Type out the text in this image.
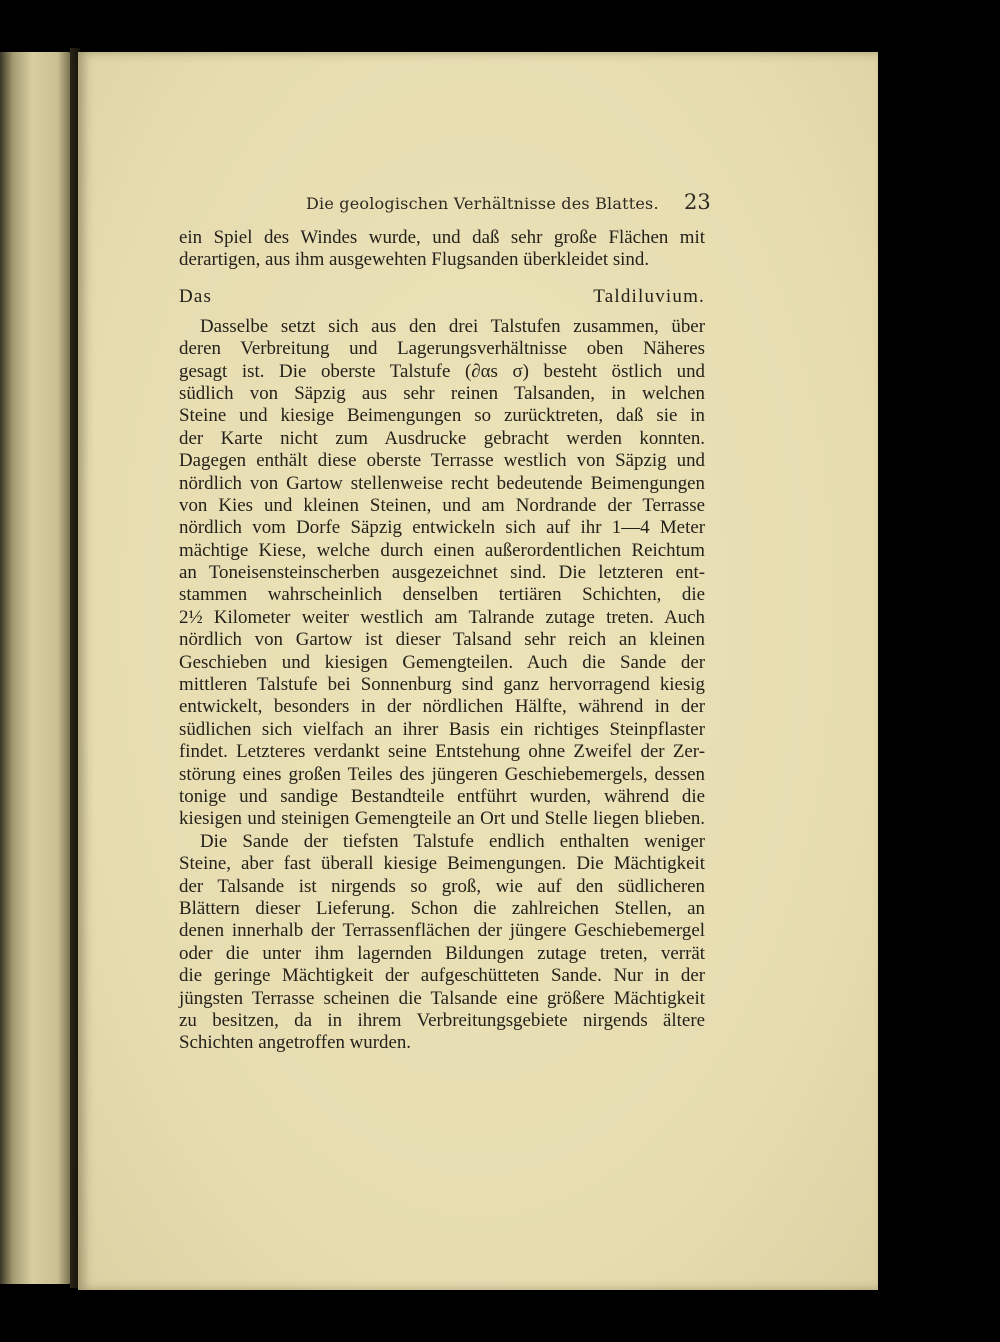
Die geologischen Verhältnisse des Blattes. 23
ein Spiel des Windes wurde, und daß sehr große Flächen mit
derartigen, aus ihm ausgewehten Flugsanden überkleidet sind.
Das Taldiluvium.
Dasselbe setzt sich aus den drei Talstufen zusammen, über
deren Verbreitung und Lagerungsverhältnisse oben Näheres
gesagt ist. Die oberste Talstufe (∂αs σ) besteht östlich und
südlich von Säpzig aus sehr reinen Talsanden, in welchen
Steine und kiesige Beimengungen so zurücktreten, daß sie in
der Karte nicht zum Ausdrucke gebracht werden konnten.
Dagegen enthält diese oberste Terrasse westlich von Säpzig und
nördlich von Gartow stellenweise recht bedeutende Beimengungen
von Kies und kleinen Steinen, und am Nordrande der Terrasse
nördlich vom Dorfe Säpzig entwickeln sich auf ihr 1—4 Meter
mächtige Kiese, welche durch einen außerordentlichen Reichtum
an Toneisensteinscherben ausgezeichnet sind. Die letzteren ent-
stammen wahrscheinlich denselben tertiären Schichten, die
2½ Kilometer weiter westlich am Talrande zutage treten. Auch
nördlich von Gartow ist dieser Talsand sehr reich an kleinen
Geschieben und kiesigen Gemengteilen. Auch die Sande der
mittleren Talstufe bei Sonnenburg sind ganz hervorragend kiesig
entwickelt, besonders in der nördlichen Hälfte, während in der
südlichen sich vielfach an ihrer Basis ein richtiges Steinpflaster
findet. Letzteres verdankt seine Entstehung ohne Zweifel der Zer-
störung eines großen Teiles des jüngeren Geschiebemergels, dessen
tonige und sandige Bestandteile entführt wurden, während die
kiesigen und steinigen Gemengteile an Ort und Stelle liegen blieben.
Die Sande der tiefsten Talstufe endlich enthalten weniger
Steine, aber fast überall kiesige Beimengungen. Die Mächtigkeit
der Talsande ist nirgends so groß, wie auf den südlicheren
Blättern dieser Lieferung. Schon die zahlreichen Stellen, an
denen innerhalb der Terrassenflächen der jüngere Geschiebemergel
oder die unter ihm lagernden Bildungen zutage treten, verrät
die geringe Mächtigkeit der aufgeschütteten Sande. Nur in der
jüngsten Terrasse scheinen die Talsande eine größere Mächtigkeit
zu besitzen, da in ihrem Verbreitungsgebiete nirgends ältere
Schichten angetroffen wurden.
